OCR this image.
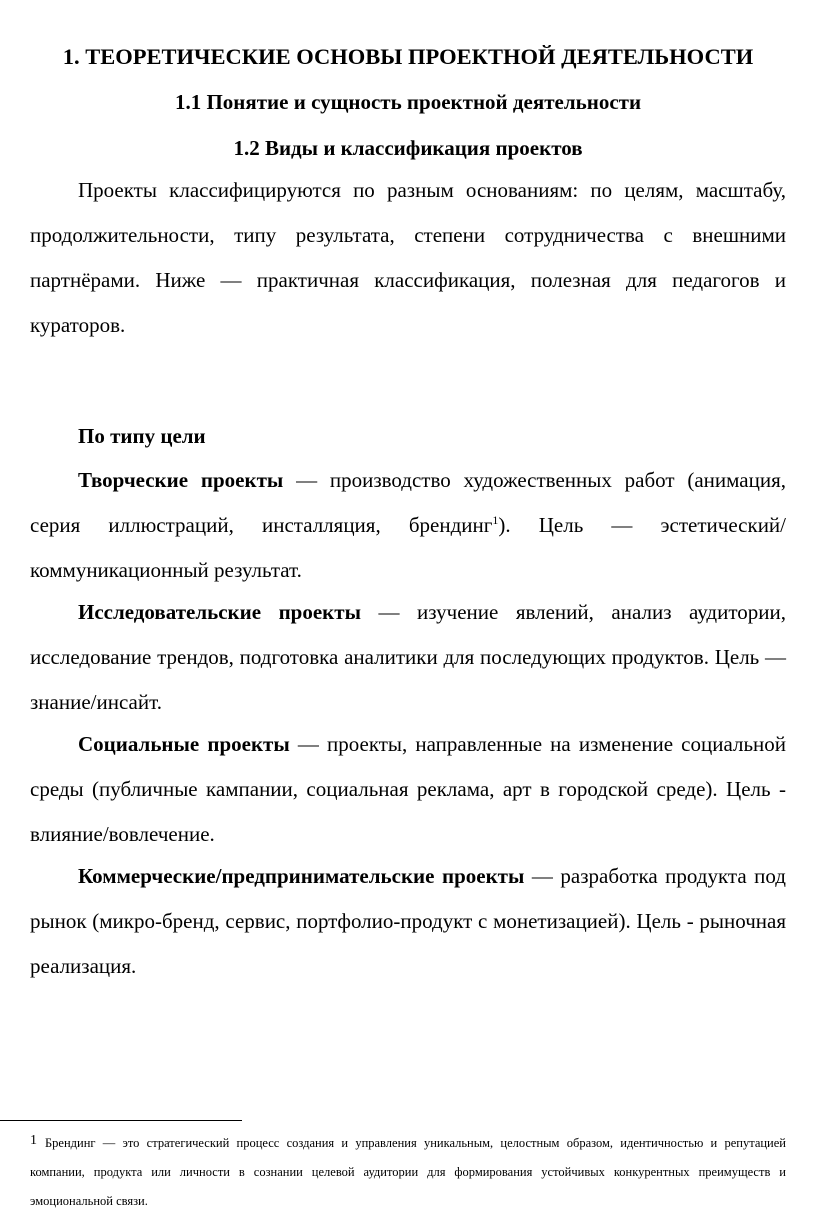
1. ТЕОРЕТИЧЕСКИЕ ОСНОВЫ ПРОЕКТНОЙ ДЕЯТЕЛЬНОСТИ
1.1 Понятие и сущность проектной деятельности
1.2 Виды и классификация проектов

Проекты классифицируются по разным основаниям: по целям, масштабу, продолжительности, типу результата, степени сотрудничества с внешними партнёрами. Ниже — практичная классификация, полезная для педагогов и кураторов.

По типу цели

Творческие проекты — производство художественных работ (анимация, серия иллюстраций, инсталляция, брендинг$^1$). Цель — эстетический/коммуникационный результат.

Исследовательские проекты — изучение явлений, анализ аудитории, исследование трендов, подготовка аналитики для последующих продуктов. Цель — знание/инсайт.

Социальные проекты — проекты, направленные на изменение социальной среды (публичные кампании, социальная реклама, арт в городской среде). Цель - влияние/вовлечение.

Коммерческие/предпринимательские проекты — разработка продукта под рынок (микро-бренд, сервис, портфолио-продукт с монетизацией). Цель - рыночная реализация.

1 Брендинг — это стратегический процесс создания и управления уникальным, целостным образом, идентичностью и репутацией компании, продукта или личности в сознании целевой аудитории для формирования устойчивых конкурентных преимуществ и эмоциональной связи.
